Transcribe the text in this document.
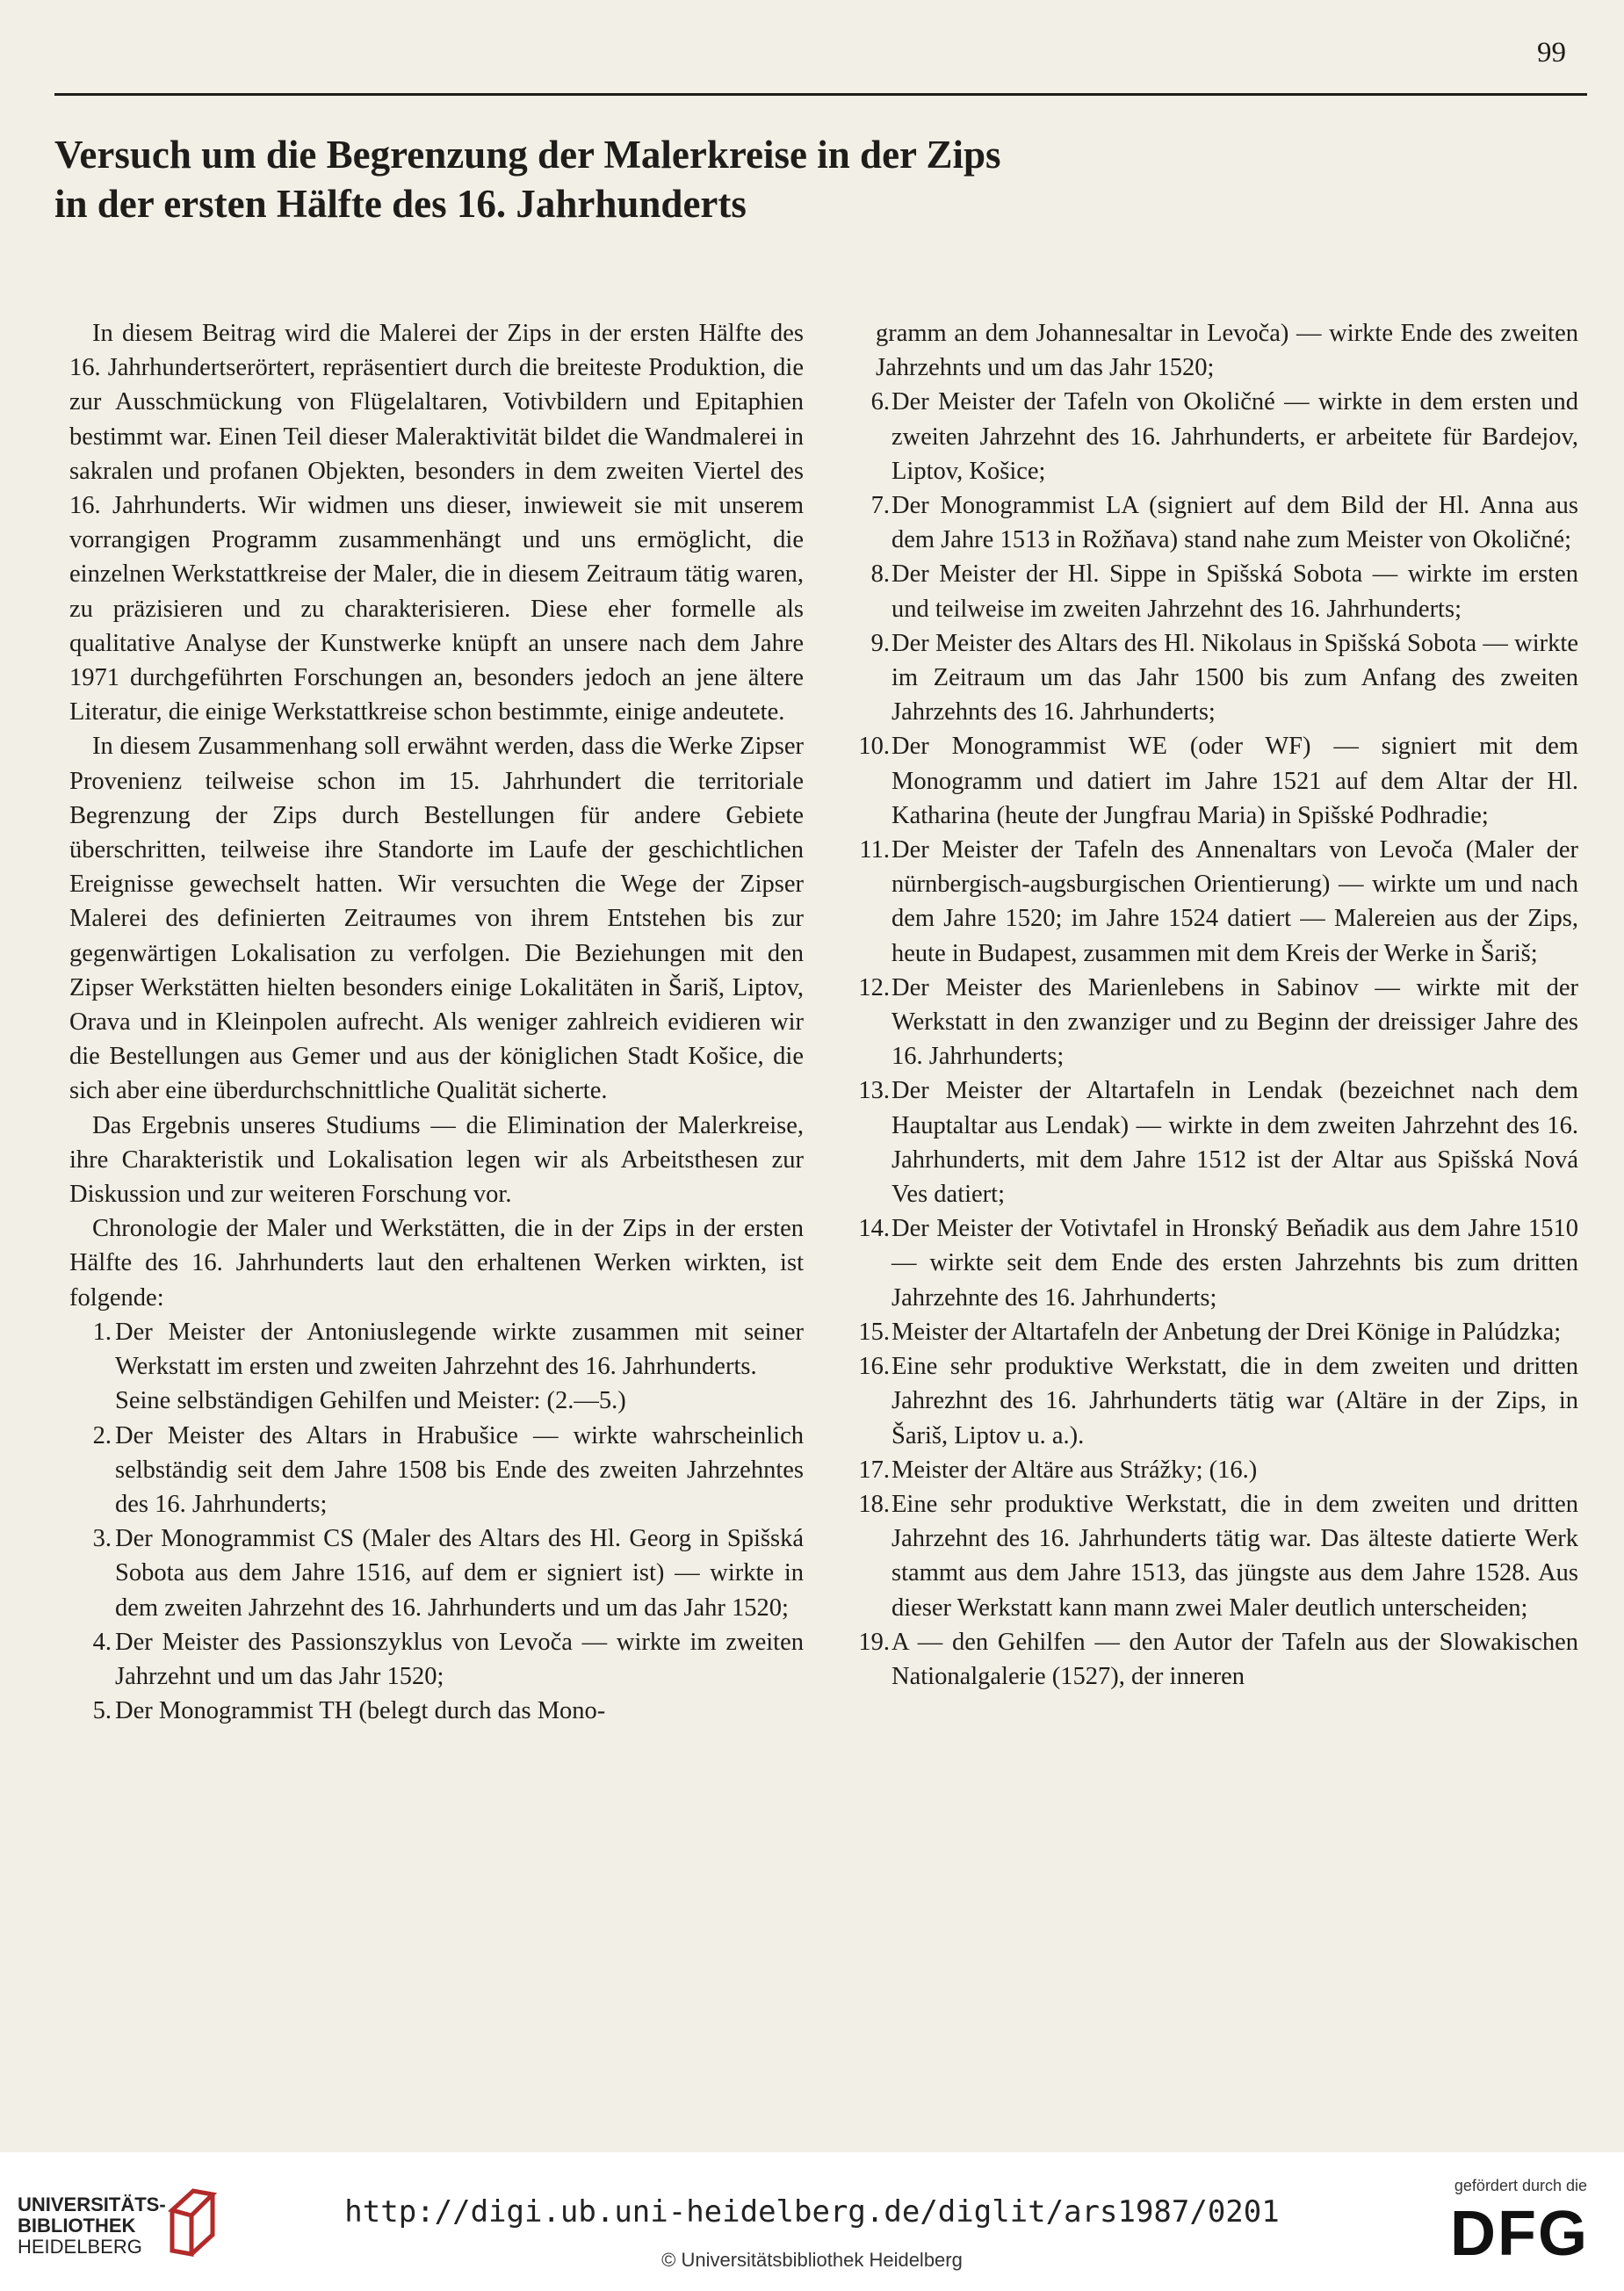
99
Versuch um die Begrenzung der Malerkreise in der Zips
in der ersten Hälfte des 16. Jahrhunderts

In diesem Beitrag wird die Malerei der Zips in der ersten Hälfte des 16. Jahrhundertserörtert, repräsentiert durch die breiteste Produktion, die zur Ausschmückung von Flügelaltaren, Votivbildern und Epitaphien bestimmt war. Einen Teil dieser Maleraktivität bildet die Wandmalerei in sakralen und profanen Objekten, besonders in dem zweiten Viertel des 16. Jahrhunderts. Wir widmen uns dieser, inwieweit sie mit unserem vorrangigen Programm zusammenhängt und uns ermöglicht, die einzelnen Werkstattkreise der Maler, die in diesem Zeitraum tätig waren, zu präzisieren und zu charakterisieren. Diese eher formelle als qualitative Analyse der Kunstwerke knüpft an unsere nach dem Jahre 1971 durchgeführten Forschungen an, besonders jedoch an jene ältere Literatur, die einige Werkstattkreise schon bestimmte, einige andeutete.

In diesem Zusammenhang soll erwähnt werden, dass die Werke Zipser Provenienz teilweise schon im 15. Jahrhundert die territoriale Begrenzung der Zips durch Bestellungen für andere Gebiete überschritten, teilweise ihre Standorte im Laufe der geschichtlichen Ereignisse gewechselt hatten. Wir versuchten die Wege der Zipser Malerei des definierten Zeitraumes von ihrem Entstehen bis zur gegenwärtigen Lokalisation zu verfolgen. Die Beziehungen mit den Zipser Werkstätten hielten besonders einige Lokalitäten in Šariš, Liptov, Orava und in Kleinpolen aufrecht. Als weniger zahlreich evidieren wir die Bestellungen aus Gemer und aus der königlichen Stadt Košice, die sich aber eine überdurchschnittliche Qualität sicherte.

Das Ergebnis unseres Studiums — die Elimination der Malerkreise, ihre Charakteristik und Lokalisation legen wir als Arbeitsthesen zur Diskussion und zur weiteren Forschung vor.

Chronologie der Maler und Werkstätten, die in der Zips in der ersten Hälfte des 16. Jahrhunderts laut den erhaltenen Werken wirkten, ist folgende:

1. Der Meister der Antoniuslegende wirkte zusammen mit seiner Werkstatt im ersten und zweiten Jahrzehnt des 16. Jahrhunderts.
Seine selbständigen Gehilfen und Meister: (2.—5.)
2. Der Meister des Altars in Hrabušice — wirkte wahrscheinlich selbständig seit dem Jahre 1508 bis Ende des zweiten Jahrzehntes des 16. Jahrhunderts;
3. Der Monogrammist CS (Maler des Altars des Hl. Georg in Spišská Sobota aus dem Jahre 1516, auf dem er signiert ist) — wirkte in dem zweiten Jahrzehnt des 16. Jahrhunderts und um das Jahr 1520;
4. Der Meister des Passionszyklus von Levoča — wirkte im zweiten Jahrzehnt und um das Jahr 1520;
5. Der Monogrammist TH (belegt durch das Mono-
gramm an dem Johannesaltar in Levoča) — wirkte Ende des zweiten Jahrzehnts und um das Jahr 1520;
6. Der Meister der Tafeln von Okoličné — wirkte in dem ersten und zweiten Jahrzehnt des 16. Jahrhunderts, er arbeitete für Bardejov, Liptov, Košice;
7. Der Monogrammist LA (signiert auf dem Bild der Hl. Anna aus dem Jahre 1513 in Rožňava) stand nahe zum Meister von Okoličné;
8. Der Meister der Hl. Sippe in Spišská Sobota — wirkte im ersten und teilweise im zweiten Jahrzehnt des 16. Jahrhunderts;
9. Der Meister des Altars des Hl. Nikolaus in Spišská Sobota — wirkte im Zeitraum um das Jahr 1500 bis zum Anfang des zweiten Jahrzehnts des 16. Jahrhunderts;
10. Der Monogrammist WE (oder WF) — signiert mit dem Monogramm und datiert im Jahre 1521 auf dem Altar der Hl. Katharina (heute der Jungfrau Maria) in Spišské Podhradie;
11. Der Meister der Tafeln des Annenaltars von Levoča (Maler der nürnbergisch-augsburgischen Orientierung) — wirkte um und nach dem Jahre 1520; im Jahre 1524 datiert — Malereien aus der Zips, heute in Budapest, zusammen mit dem Kreis der Werke in Šariš;
12. Der Meister des Marienlebens in Sabinov — wirkte mit der Werkstatt in den zwanziger und zu Beginn der dreissiger Jahre des 16. Jahrhunderts;
13. Der Meister der Altartafeln in Lendak (bezeichnet nach dem Hauptaltar aus Lendak) — wirkte in dem zweiten Jahrzehnt des 16. Jahrhunderts, mit dem Jahre 1512 ist der Altar aus Spišská Nová Ves datiert;
14. Der Meister der Votivtafel in Hronský Beňadik aus dem Jahre 1510 — wirkte seit dem Ende des ersten Jahrzehnts bis zum dritten Jahrzehnte des 16. Jahrhunderts;
15. Meister der Altartafeln der Anbetung der Drei Könige in Palúdzka;
16. Eine sehr produktive Werkstatt, die in dem zweiten und dritten Jahrezhnt des 16. Jahrhunderts tätig war (Altäre in der Zips, in Šariš, Liptov u. a.).
17. Meister der Altäre aus Strážky; (16.)
18. Eine sehr produktive Werkstatt, die in dem zweiten und dritten Jahrzehnt des 16. Jahrhunderts tätig war. Das älteste datierte Werk stammt aus dem Jahre 1513, das jüngste aus dem Jahre 1528. Aus dieser Werkstatt kann mann zwei Maler deutlich unterscheiden;
19. A — den Gehilfen — den Autor der Tafeln aus der Slowakischen Nationalgalerie (1527), der inneren
UNIVERSITÄTS-
BIBLIOTHEK
HEIDELBERG
http://digi.ub.uni-heidelberg.de/diglit/ars1987/0201
© Universitätsbibliothek Heidelberg
gefördert durch die
DFG
